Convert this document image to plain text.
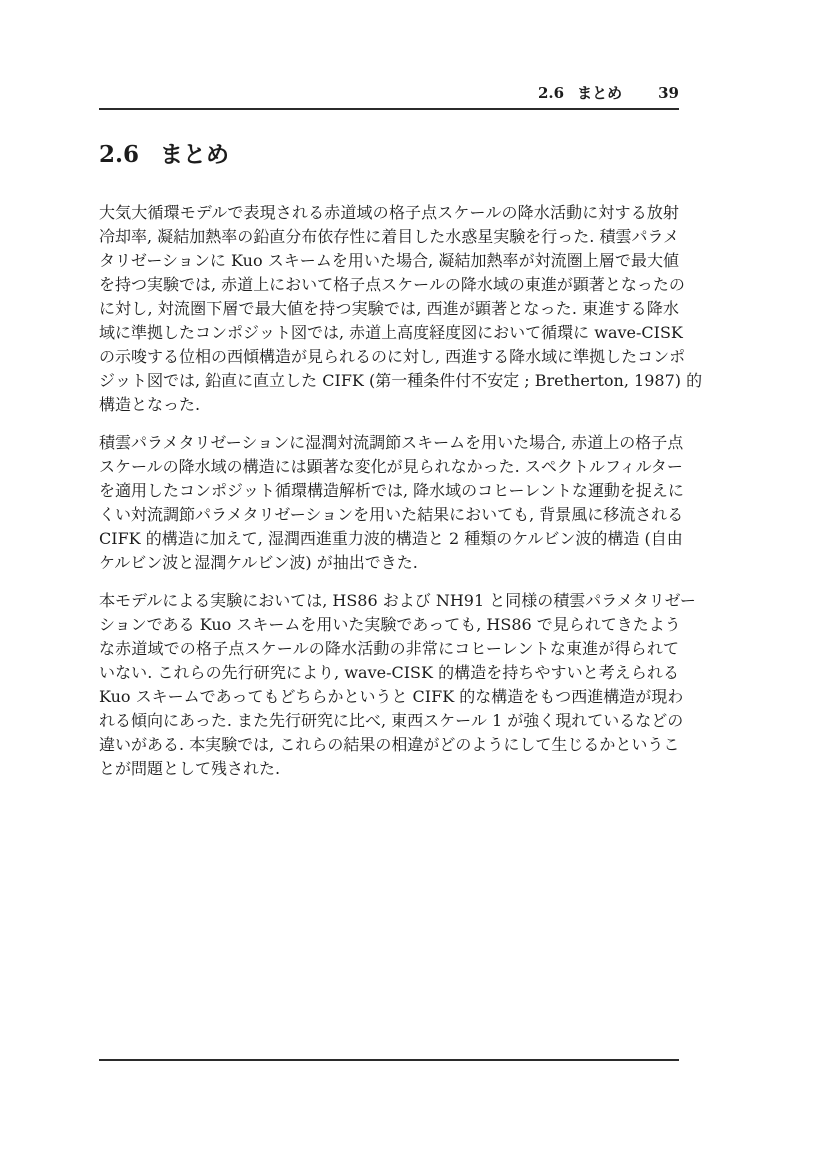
2.6 まとめ 39
2.6 まとめ
大気大循環モデルで表現される赤道域の格子点スケールの降水活動に対する放射
冷却率, 凝結加熱率の鉛直分布依存性に着目した水惑星実験を行った. 積雲パラメ
タリゼーションに Kuo スキームを用いた場合, 凝結加熱率が対流圏上層で最大値
を持つ実験では, 赤道上において格子点スケールの降水域の東進が顕著となったの
に対し, 対流圏下層で最大値を持つ実験では, 西進が顕著となった. 東進する降水
域に準拠したコンポジット図では, 赤道上高度経度図において循環に wave-CISK
の示唆する位相の西傾構造が見られるのに対し, 西進する降水域に準拠したコンポ
ジット図では, 鉛直に直立した CIFK (第一種条件付不安定 ; Bretherton, 1987) 的
構造となった.
積雲パラメタリゼーションに湿潤対流調節スキームを用いた場合, 赤道上の格子点
スケールの降水域の構造には顕著な変化が見られなかった. スペクトルフィルター
を適用したコンポジット循環構造解析では, 降水域のコヒーレントな運動を捉えに
くい対流調節パラメタリゼーションを用いた結果においても, 背景風に移流される
CIFK 的構造に加えて, 湿潤西進重力波的構造と 2 種類のケルビン波的構造 (自由
ケルビン波と湿潤ケルビン波) が抽出できた.
本モデルによる実験においては, HS86 および NH91 と同様の積雲パラメタリゼー
ションである Kuo スキームを用いた実験であっても, HS86 で見られてきたよう
な赤道域での格子点スケールの降水活動の非常にコヒーレントな東進が得られて
いない. これらの先行研究により, wave-CISK 的構造を持ちやすいと考えられる
Kuo スキームであってもどちらかというと CIFK 的な構造をもつ西進構造が現わ
れる傾向にあった. また先行研究に比べ, 東西スケール 1 が強く現れているなどの
違いがある. 本実験では, これらの結果の相違がどのようにして生じるかというこ
とが問題として残された.
